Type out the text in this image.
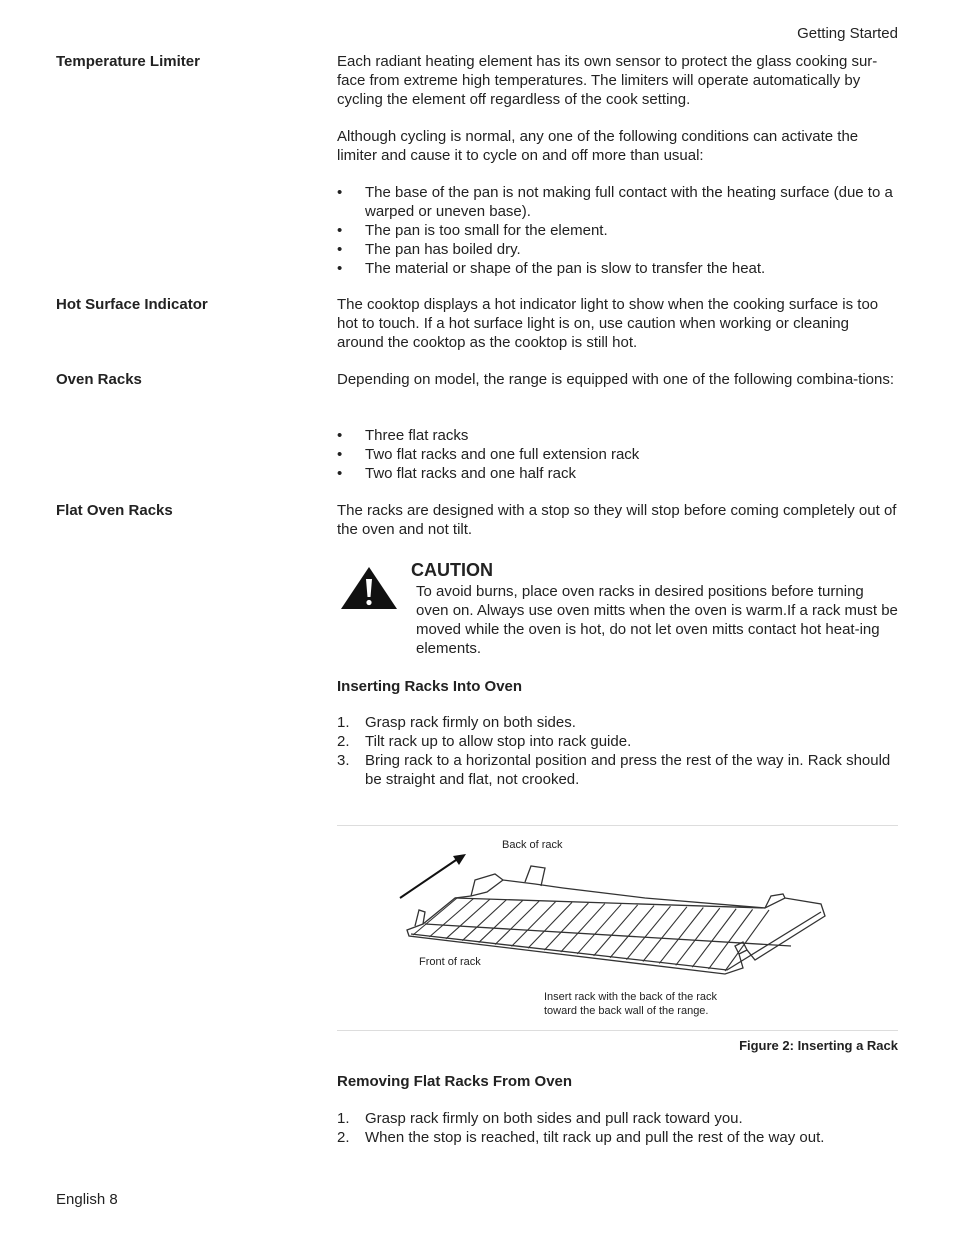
Getting Started
Temperature Limiter	Each radiant heating element has its own sensor to protect the glass cooking sur-face from extreme high temperatures. The limiters will operate automatically by cycling the element off regardless of the cook setting.

Although cycling is normal, any one of the following conditions can activate the limiter and cause it to cycle on and off more than usual:

• The base of the pan is not making full contact with the heating surface (due to a warped or uneven base).
• The pan is too small for the element.
• The pan has boiled dry.
• The material or shape of the pan is slow to transfer the heat.
Hot Surface Indicator	The cooktop displays a hot indicator light to show when the cooking surface is too hot to touch. If a hot surface light is on, use caution when working or cleaning around the cooktop as the cooktop is still hot.

Oven Racks	Depending on model, the range is equipped with one of the following combina-tions:

• Three flat racks
• Two flat racks and one full extension rack
• Two flat racks and one half rack
Flat Oven Racks	The racks are designed with a stop so they will stop before coming completely out of the oven and not tilt.

CAUTION

To avoid burns, place oven racks in desired positions before turning oven on. Always use oven mitts when the oven is warm.If a rack must be moved while the oven is hot, do not let oven mitts contact hot heat-ing elements.

Inserting Racks Into Oven
1. Grasp rack firmly on both sides.
2. Tilt rack up to allow stop into rack guide.
3. Bring rack to a horizontal position and press the rest of the way in. Rack should be straight and flat, not crooked.
Back of rack
Front of rack
Insert rack with the back of the rack
toward the back wall of the range.
Figure 2: Inserting a Rack
Removing Flat Racks From Oven
1. Grasp rack firmly on both sides and pull rack toward you.
2. When the stop is reached, tilt rack up and pull the rest of the way out.
English 8
